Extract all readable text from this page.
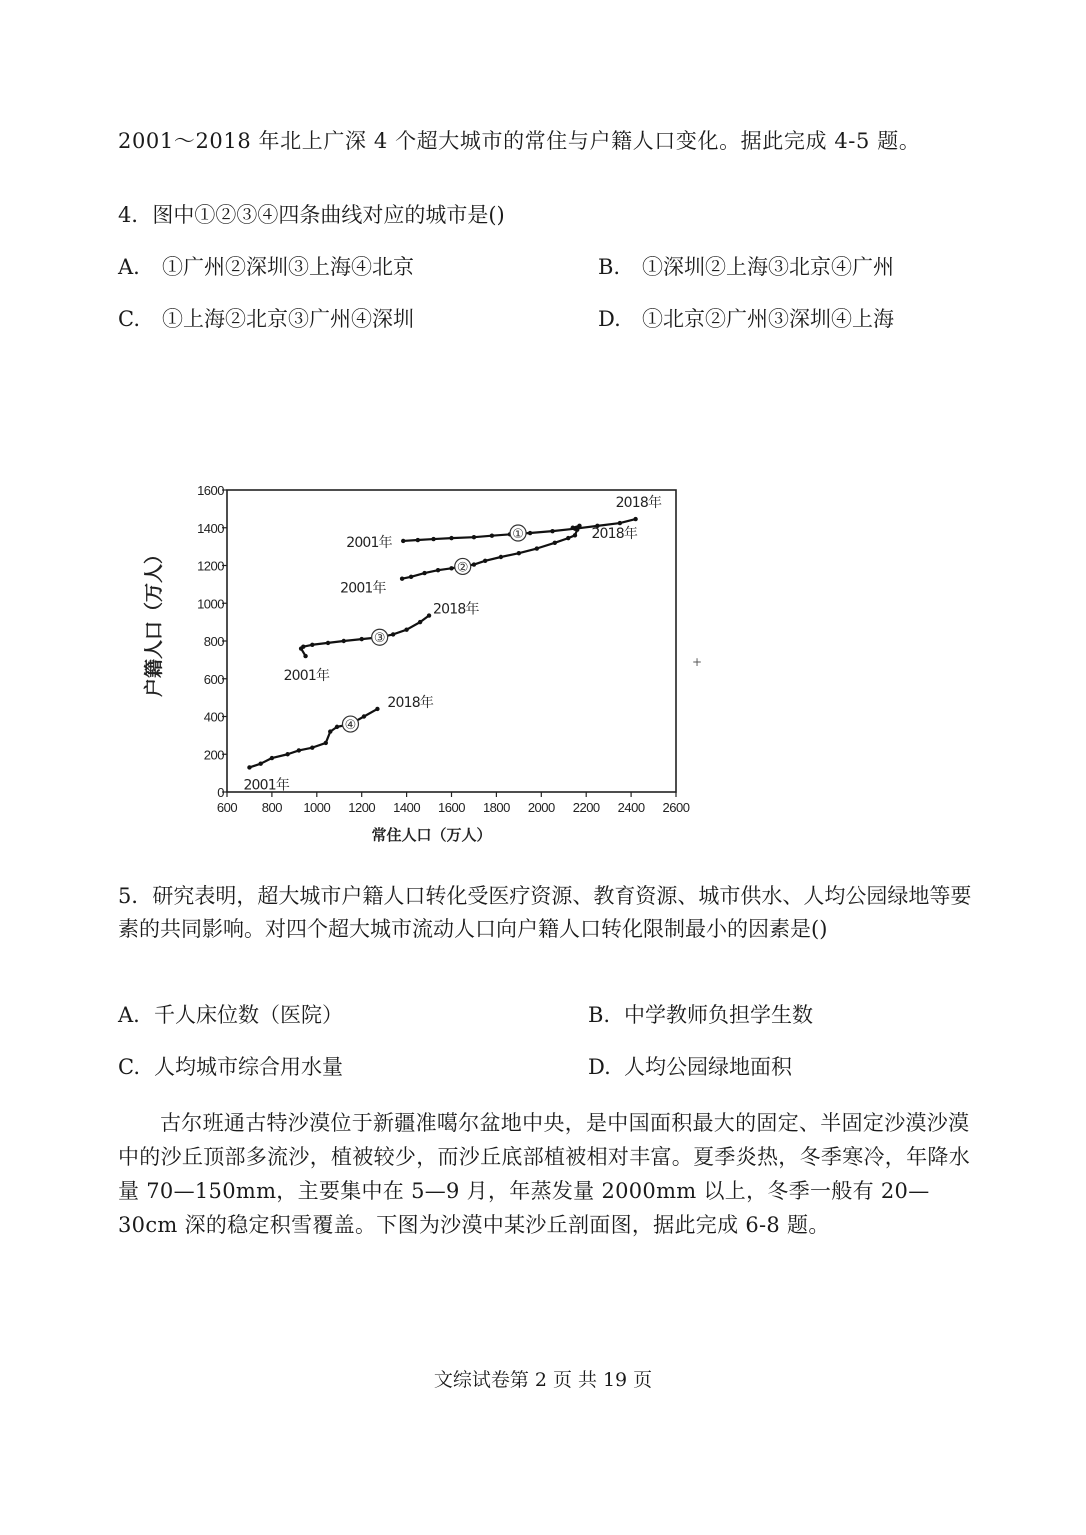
2001～2018 年北上广深 4 个超大城市的常住与户籍人口变化。据此完成 4-5 题。
4．图中①②③④四条曲线对应的城市是()
A. ①广州②深圳③上海④北京	B. ①深圳②上海③北京④广州
C. ①上海②北京③广州④深圳	D. ①北京②广州③深圳④上海
600 800 1000 1200 1400 1600 1800 2000 2200 2400 2600
0
200
400
600
800
1000
1200
1400
1600
常住人口（万人）
户籍人口（万人）
2001年
2018年
①
2001年
2018年
②
2001年
2018年
③
2001年
2018年
④
+
5．研究表明，超大城市户籍人口转化受医疗资源、教育资源、城市供水、人均公园绿地等要素的共同影响。对四个超大城市流动人口向户籍人口转化限制最小的因素是()
A. 千人床位数（医院）	B. 中学教师负担学生数
C. 人均城市综合用水量	D. 人均公园绿地面积
古尔班通古特沙漠位于新疆准噶尔盆地中央，是中国面积最大的固定、半固定沙漠沙漠中的沙丘顶部多流沙，植被较少，而沙丘底部植被相对丰富。夏季炎热，冬季寒冷，年降水量 70—150mm，主要集中在 5—9 月，年蒸发量 2000mm 以上，冬季一般有 20—30cm 深的稳定积雪覆盖。下图为沙漠中某沙丘剖面图，据此完成 6-8 题。
文综试卷第 2 页 共 19 页
